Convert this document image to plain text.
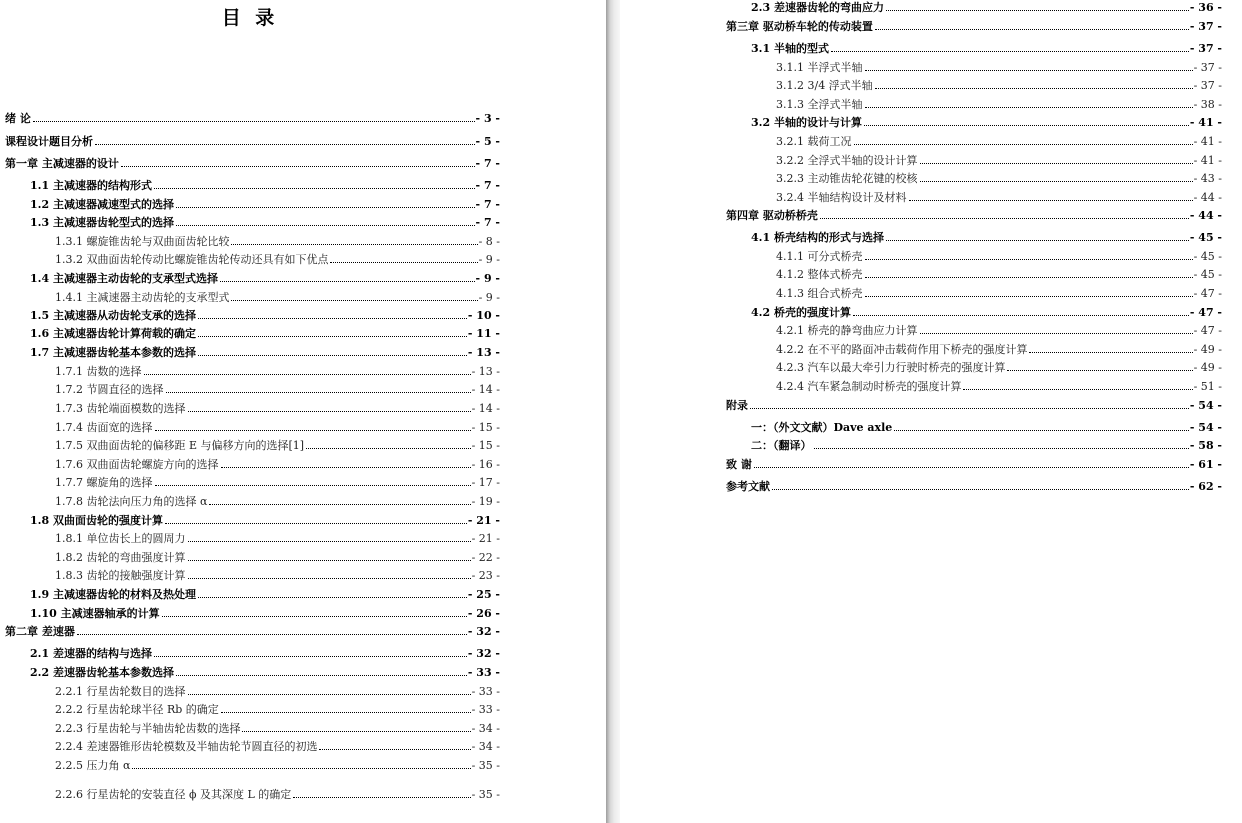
目 录
绪 论	- 3 -
课程设计题目分析	- 5 -
第一章 主减速器的设计	- 7 -
1.1 主减速器的结构形式	- 7 -
1.2 主减速器减速型式的选择	- 7 -
1.3 主减速器齿轮型式的选择	- 7 -
1.3.1 螺旋锥齿轮与双曲面齿轮比较	- 8 -
1.3.2 双曲面齿轮传动比螺旋锥齿轮传动还具有如下优点	- 9 -
1.4 主减速器主动齿轮的支承型式选择	- 9 -
1.4.1 主减速器主动齿轮的支承型式	- 9 -
1.5 主减速器从动齿轮支承的选择	- 10 -
1.6 主减速器齿轮计算荷载的确定	- 11 -
1.7 主减速器齿轮基本参数的选择	- 13 -
1.7.1 齿数的选择	- 13 -
1.7.2 节圆直径的选择	- 14 -
1.7.3 齿轮端面模数的选择	- 14 -
1.7.4 齿面宽的选择	- 15 -
1.7.5 双曲面齿轮的偏移距 E 与偏移方向的选择[1]	- 15 -
1.7.6 双曲面齿轮螺旋方向的选择	- 16 -
1.7.7 螺旋角的选择	- 17 -
1.7.8 齿轮法向压力角的选择 α	- 19 -
1.8 双曲面齿轮的强度计算	- 21 -
1.8.1 单位齿长上的圆周力	- 21 -
1.8.2 齿轮的弯曲强度计算	- 22 -
1.8.3 齿轮的接触强度计算	- 23 -
1.9 主减速器齿轮的材料及热处理	- 25 -
1.10 主减速器轴承的计算	- 26 -
第二章 差速器	- 32 -
2.1 差速器的结构与选择	- 32 -
2.2 差速器齿轮基本参数选择	- 33 -
2.2.1 行星齿轮数目的选择	- 33 -
2.2.2 行星齿轮球半径 Rb 的确定	- 33 -
2.2.3 行星齿轮与半轴齿轮齿数的选择	- 34 -
2.2.4 差速器锥形齿轮模数及半轴齿轮节圆直径的初选	- 34 -
2.2.5 压力角 α	- 35 -
2.2.6 行星齿轮的安装直径 ϕ 及其深度 L 的确定	- 35 -
2.3 差速器齿轮的弯曲应力	- 36 -
第三章 驱动桥车轮的传动装置	- 37 -
3.1 半轴的型式	- 37 -
3.1.1 半浮式半轴	- 37 -
3.1.2 3/4 浮式半轴	- 37 -
3.1.3 全浮式半轴	- 38 -
3.2 半轴的设计与计算	- 41 -
3.2.1 载荷工况	- 41 -
3.2.2 全浮式半轴的设计计算	- 41 -
3.2.3 主动锥齿轮花键的校核	- 43 -
3.2.4 半轴结构设计及材料	- 44 -
第四章 驱动桥桥壳	- 44 -
4.1 桥壳结构的形式与选择	- 45 -
4.1.1 可分式桥壳	- 45 -
4.1.2 整体式桥壳	- 45 -
4.1.3 组合式桥壳	- 47 -
4.2 桥壳的强度计算	- 47 -
4.2.1 桥壳的静弯曲应力计算	- 47 -
4.2.2 在不平的路面冲击载荷作用下桥壳的强度计算	- 49 -
4.2.3 汽车以最大牵引力行驶时桥壳的强度计算	- 49 -
4.2.4 汽车紧急制动时桥壳的强度计算	- 51 -
附录	- 54 -
一：（外文文献）Dave axle	- 54 -
二：（翻译）	- 58 -
致 谢	- 61 -
参考文献	- 62 -
